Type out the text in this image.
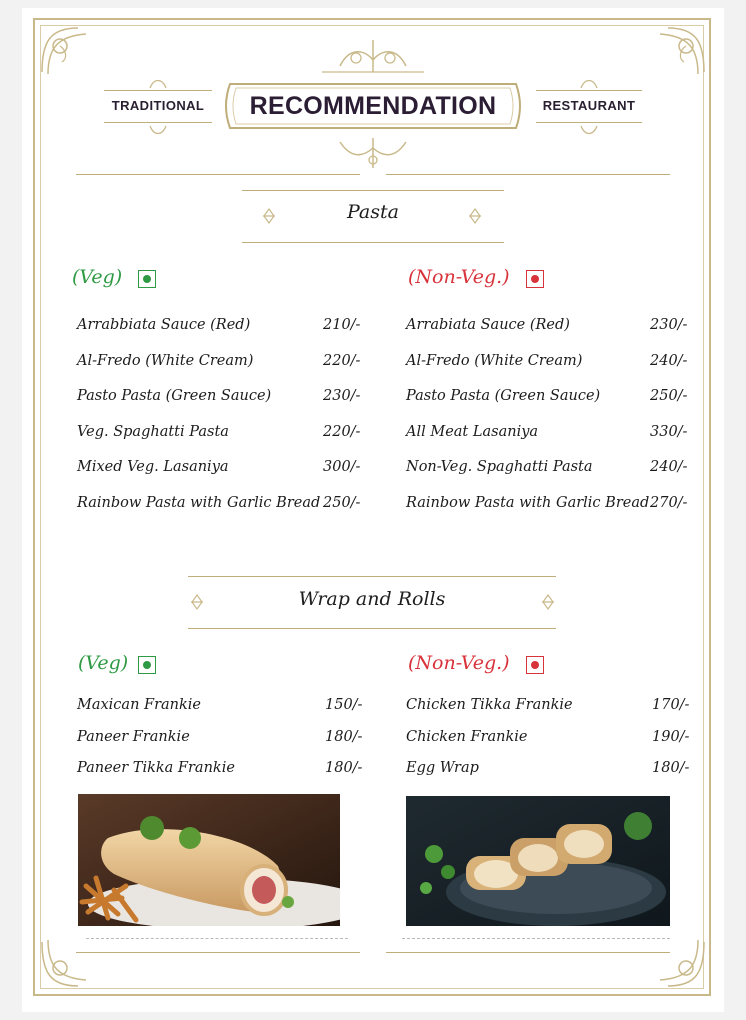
RECOMMENDATION
TRADITIONAL	RESTAURANT
Pasta
(Veg)	(Non-Veg.)
Arrabbiata Sauce (Red)	210/-
Al-Fredo (White Cream)	220/-
Pasto Pasta (Green Sauce)	230/-
Veg. Spaghatti Pasta	220/-
Mixed Veg. Lasaniya	300/-
Rainbow Pasta with Garlic Bread 250/-
Arrabiata Sauce (Red)	230/-
Al-Fredo (White Cream)	240/-
Pasto Pasta (Green Sauce)	250/-
All Meat Lasaniya	330/-
Non-Veg. Spaghatti Pasta	240/-
Rainbow Pasta with Garlic Bread 270/-
Wrap and Rolls
(Veg)	(Non-Veg.)
Maxican Frankie	150/-
Paneer Frankie	180/-
Paneer Tikka Frankie	180/-
Chicken Tikka Frankie	170/-
Chicken Frankie	190/-
Egg Wrap	180/-
